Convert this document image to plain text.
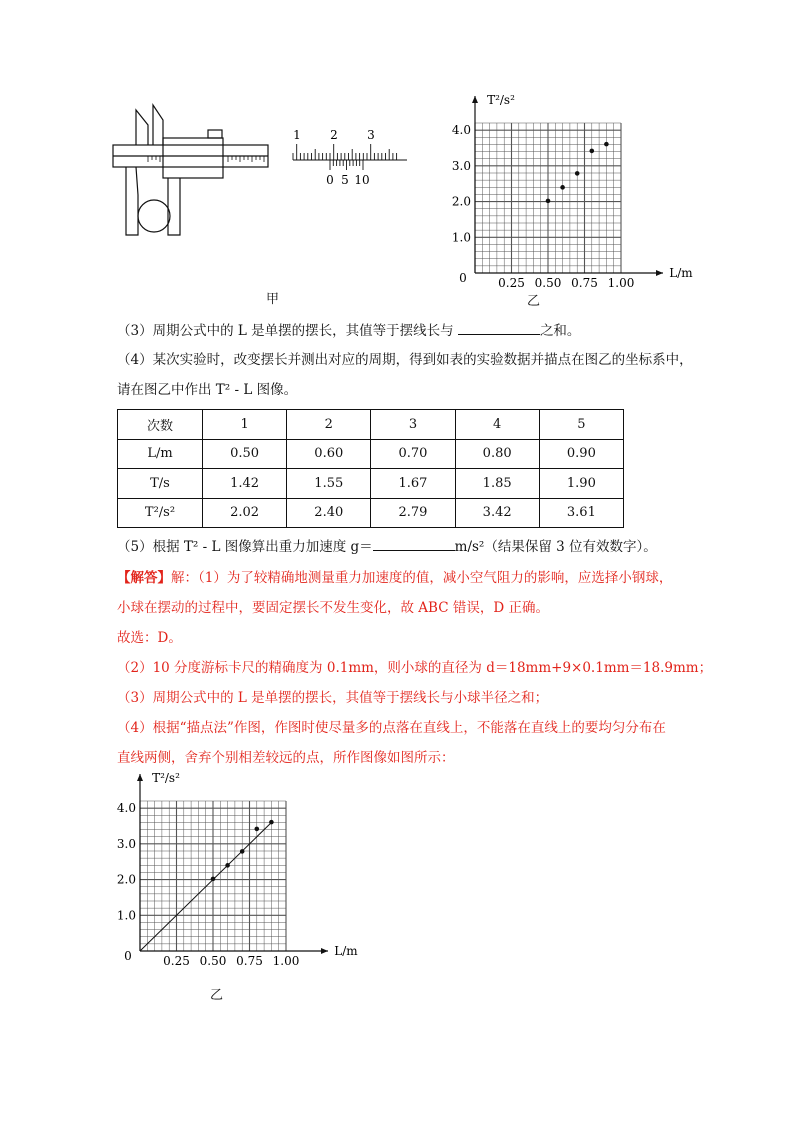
1 2 3
0 5 10
甲
T²/s²
L/m
0
1.0
2.0
3.0
4.0
0.25 0.50 0.75 1.00
乙
（3）周期公式中的 L 是单摆的摆长，其值等于摆线长与	之和。
（4）某次实验时，改变摆长并测出对应的周期，得到如表的实验数据并描点在图乙的坐标系中，
请在图乙中作出 T² - L 图像。
次数	1	2	3	4	5
L/m	0.50	0.60	0.70	0.80	0.90
T/s	1.42	1.55	1.67	1.85	1.90
T²/s²	2.02	2.40	2.79	3.42	3.61
（5）根据 T² - L 图像算出重力加速度 g＝	m/s²（结果保留 3 位有效数字）。
【解答】解：（1）为了较精确地测量重力加速度的值，减小空气阻力的影响，应选择小钢球，
小球在摆动的过程中，要固定摆长不发生变化，故 ABC 错误，D 正确。
故选：D。
（2）10 分度游标卡尺的精确度为 0.1mm，则小球的直径为 d＝18mm+9×0.1mm＝18.9mm；
（3）周期公式中的 L 是单摆的摆长，其值等于摆线长与小球半径之和；
（4）根据“描点法”作图，作图时使尽量多的点落在直线上，不能落在直线上的要均匀分布在
直线两侧，舍弃个别相差较远的点，所作图像如图所示：
T²/s²
L/m
0
1.0
2.0
3.0
4.0
0.25 0.50 0.75 1.00
乙
